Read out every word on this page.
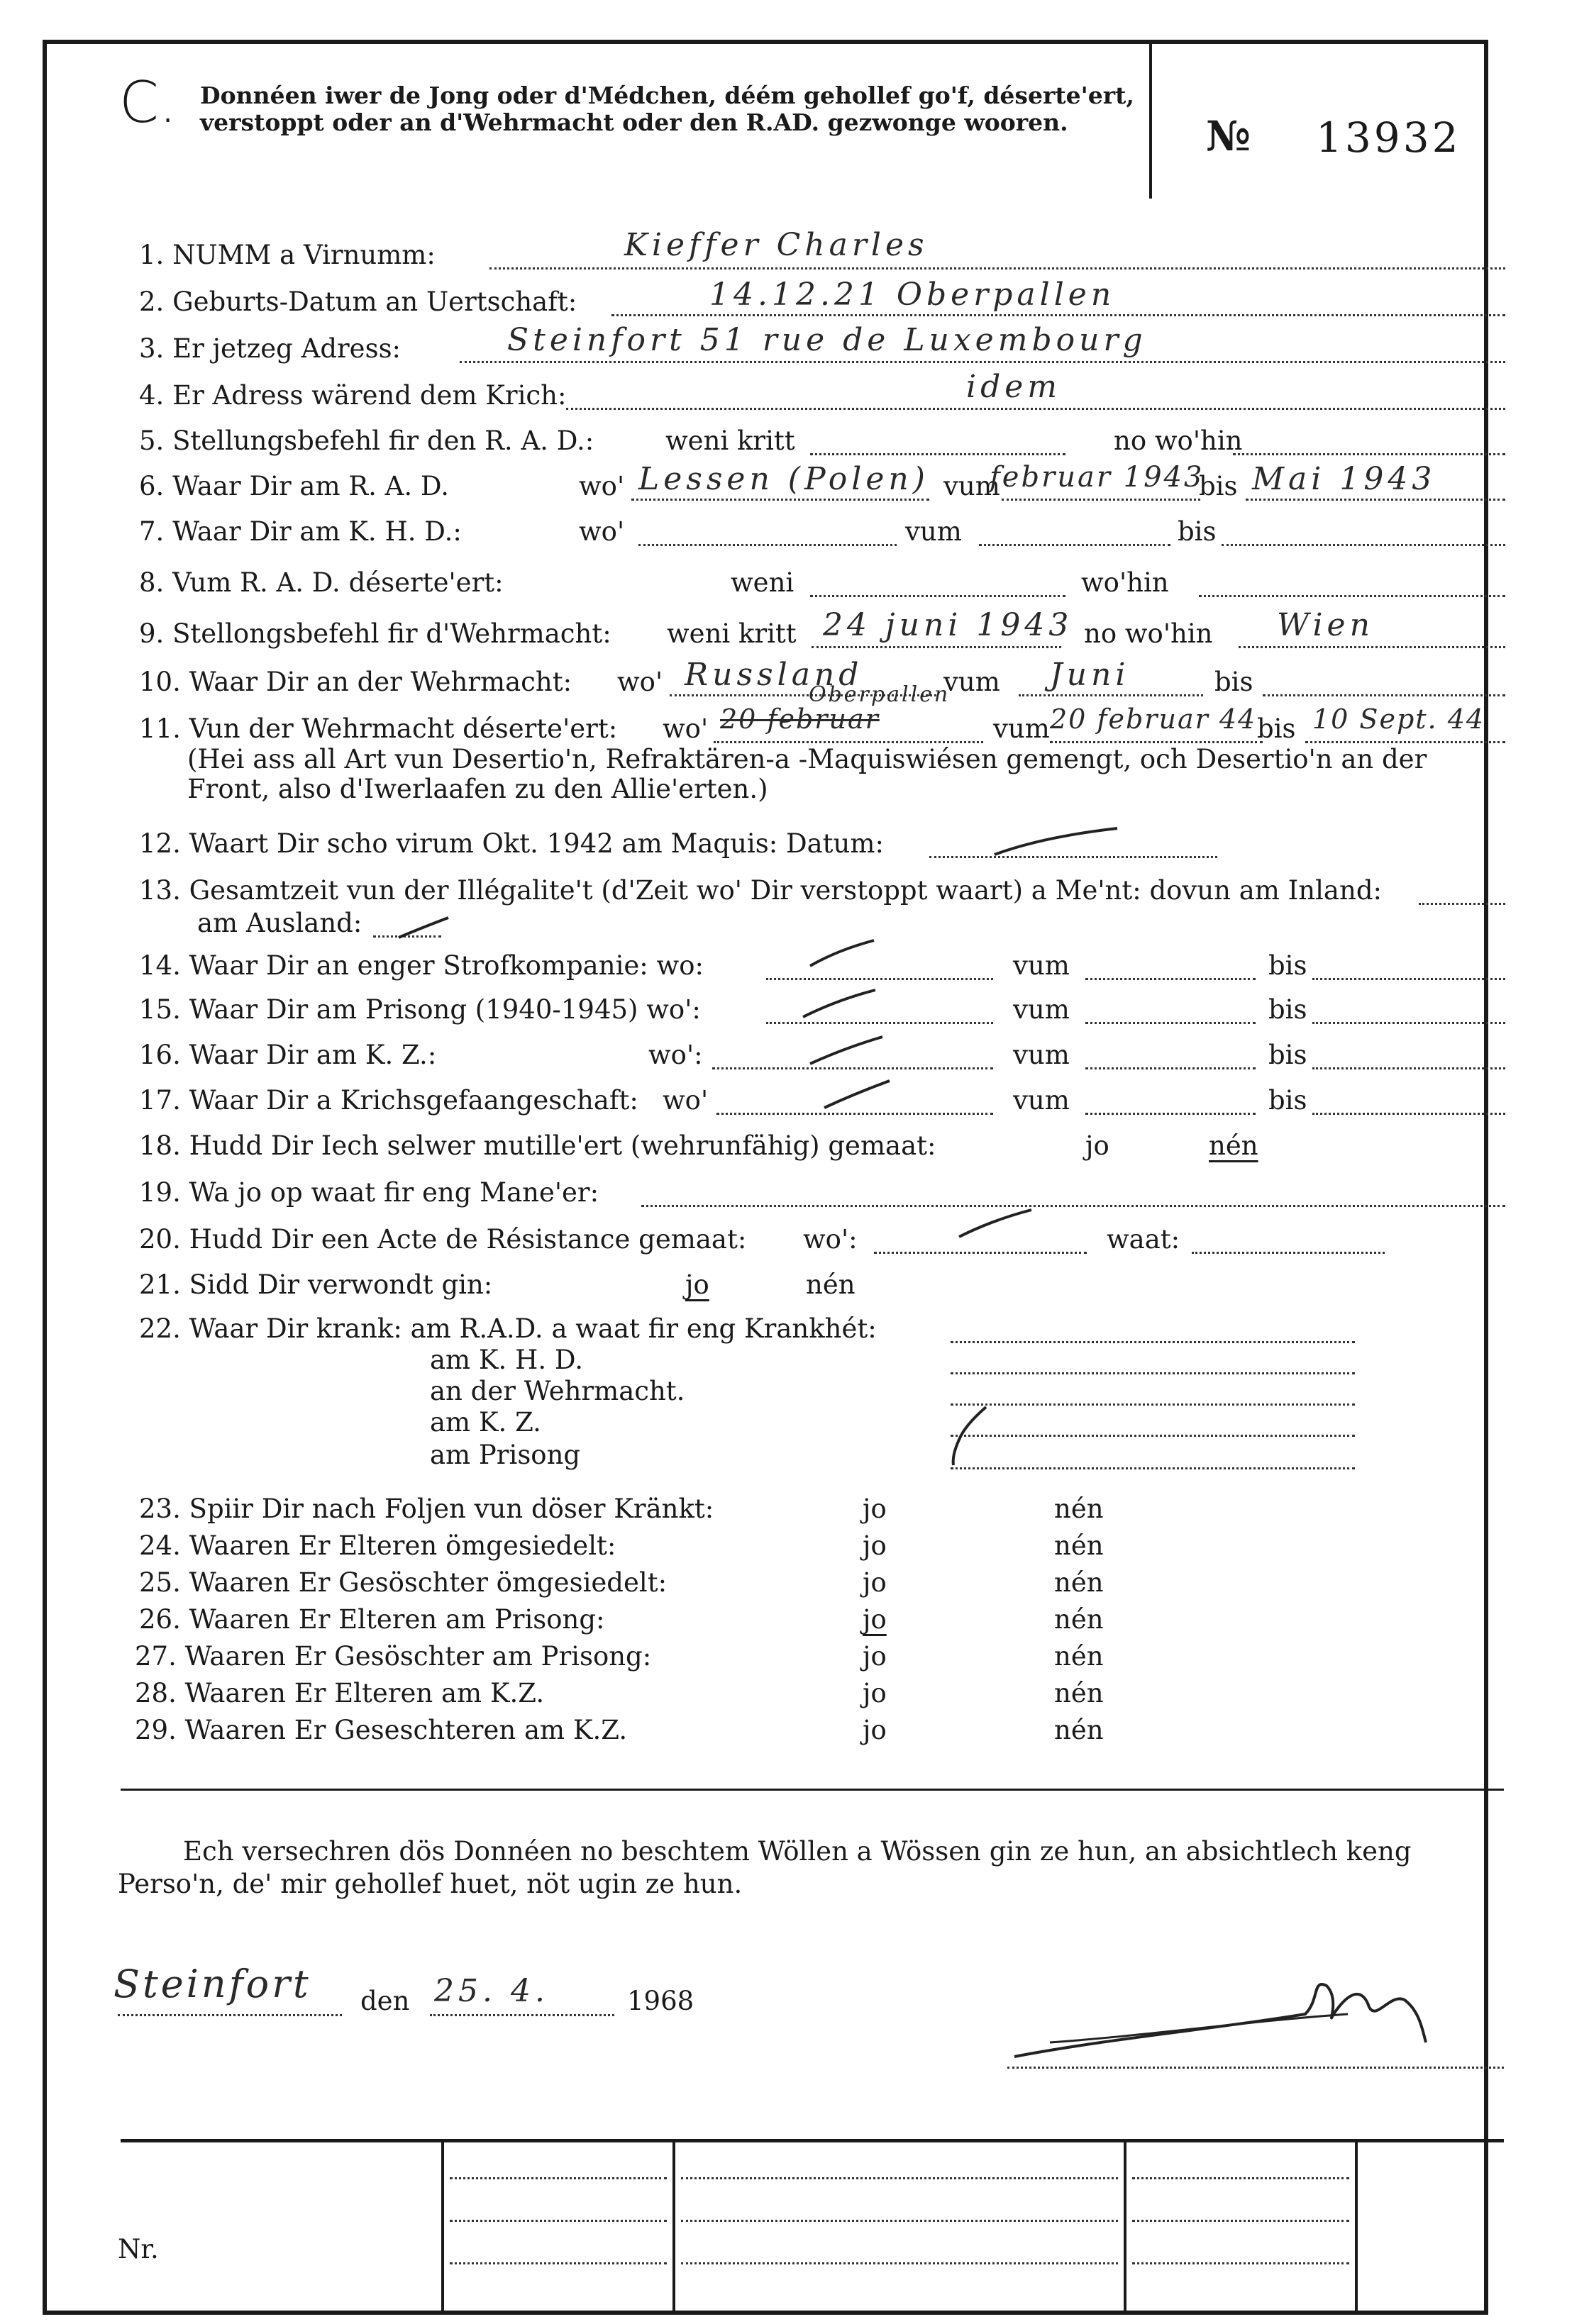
C. Donnéen iwer de Jong oder d'Médchen, déém gehollef go'f, déserte'ert, verstoppt oder an d'Wehrmacht oder den R.AD. gezwonge wooren.	№ 13932
1. NUMM a Virnumm:	Kieffer Charles
2. Geburts-Datum an Uertschaft:	14.12.21 Oberpallen
3. Er jetzeg Adress:	Steinfort 51 rue de Luxembourg
4. Er Adress wärend dem Krich:	idem
5. Stellungsbefehl fir den R. A. D.:	weni kritt	no wo'hin
6. Waar Dir am R. A. D.	wo' Lessen (Polen) vum
februar 1943
bis Mai 1943
7. Waar Dir am K. H. D.:	wo'	vum	bis
8. Vum R. A. D. déserte'ert:	weni	wo'hin
9. Stellongsbefehl fir d'Wehrmacht: weni kritt 24 juni 1943 no wo'hin Wien
10. Waar Dir an der Wehrmacht: wo' Russland	vum Juni	bis
11. Vun der Wehrmacht déserte'ert: wo' 20 februar
Oberpallen
vum 20 februar 44 bis 10 Sept. 44
(Hei ass all Art vun Desertio'n, Refraktären-a -Maquiswiésen gemengt, och Desertio'n an der Front, also d'Iwerlaafen zu den Allie'erten.)
12. Waart Dir scho virum Okt. 1942 am Maquis: Datum:
13. Gesamtzeit vun der Illégalite't (d'Zeit wo' Dir verstoppt waart) a Me'nt: dovun am Inland:
am Ausland:
14. Waar Dir an enger Strofkompanie: wo:	vum	bis
15. Waar Dir am Prisong (1940-1945) wo':	vum	bis
16. Waar Dir am K. Z.:	wo':	vum	bis
17. Waar Dir a Krichsgefaangeschaft: wo'	vum	bis
18. Hudd Dir Iech selwer mutille'ert (wehrunfähig) gemaat:	jo	nén
19. Wa jo op waat fir eng Mane'er:
20. Hudd Dir een Acte de Résistance gemaat: wo':	waat:
21. Sidd Dir verwondt gin:	jo	nén
22. Waar Dir krank: am R.A.D. a waat fir eng Krankhét:
am K. H. D.
an der Wehrmacht.
am K. Z.
am Prisong
23. Spiir Dir nach Foljen vun döser Kränkt:	jo	nén
24. Waaren Er Elteren ömgesiedelt:	jo	nén
25. Waaren Er Gesöschter ömgesiedelt:	jo	nén
26. Waaren Er Elteren am Prisong:	jo	nén
27. Waaren Er Gesöschter am Prisong:	jo	nén
28. Waaren Er Elteren am K.Z.	jo	nén
29. Waaren Er Geseschteren am K.Z.	jo	nén
Ech versechren dös Donnéen no beschtem Wöllen a Wössen gin ze hun, an absichtlech keng Perso'n, de' mir gehollef huet, nöt ugin ze hun.
Steinfort den 25. 4.	1968
Nr.
